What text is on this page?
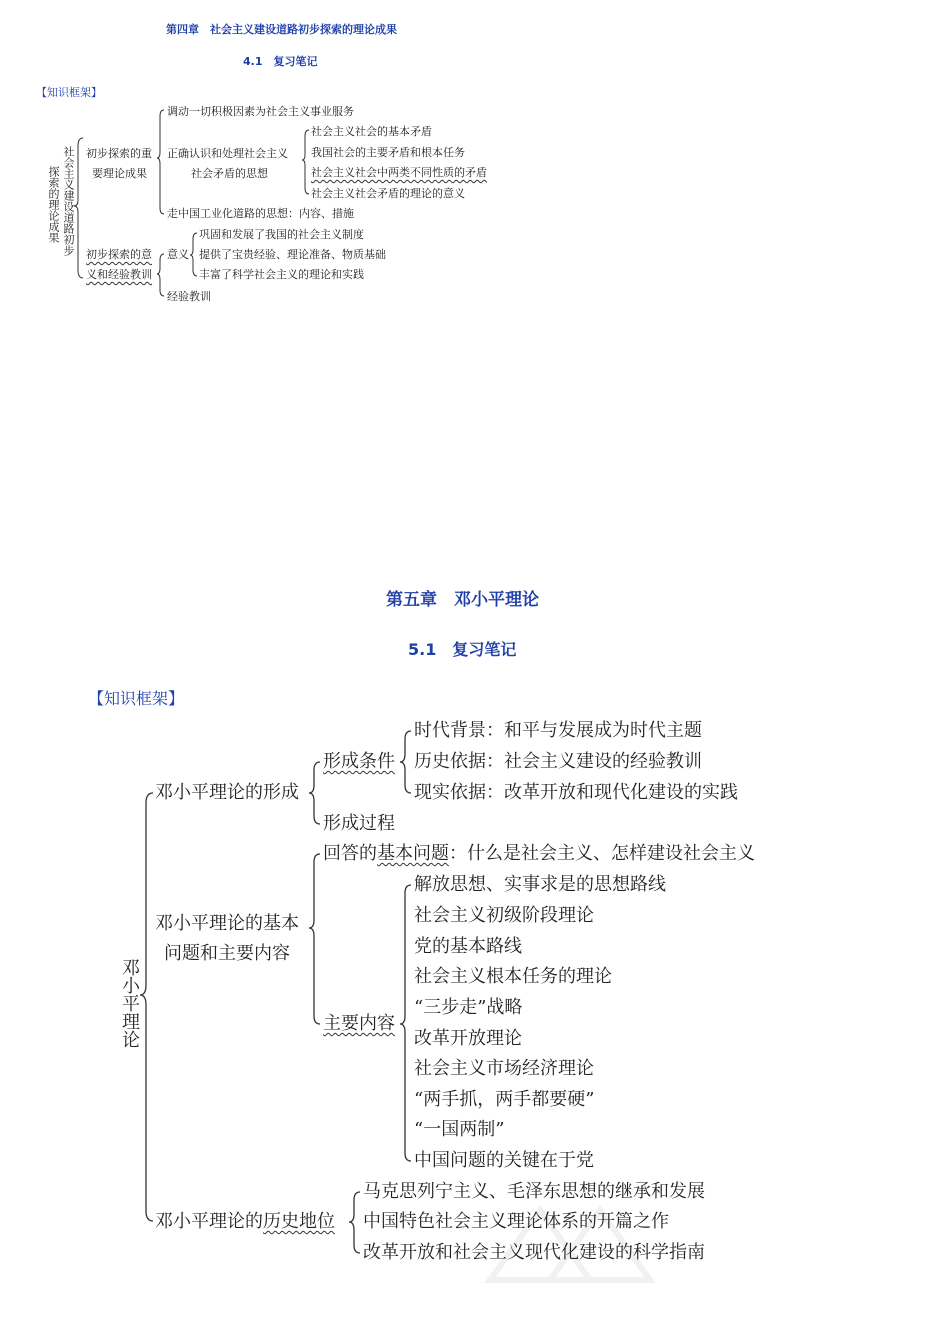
第四章　社会主义建设道路初步探索的理论成果
4.1　复习笔记
【知识框架】
社会主义建设道路初步
探索的理论成果
初步探索的重
要理论成果
调动一切积极因素为社会主义事业服务
正确认识和处理社会主义
社会矛盾的思想
社会主义社会的基本矛盾
我国社会的主要矛盾和根本任务
社会主义社会中两类不同性质的矛盾
社会主义社会矛盾的理论的意义
走中国工业化道路的思想：内容、措施
初步探索的意
义和经验教训
意义
巩固和发展了我国的社会主义制度
提供了宝贵经验、理论准备、物质基础
丰富了科学社会主义的理论和实践
经验教训
第五章　邓小平理论
5.1　复习笔记
【知识框架】
邓小平理论
邓小平理论的形成
形成条件
时代背景：和平与发展成为时代主题
历史依据：社会主义建设的经验教训
现实依据：改革开放和现代化建设的实践
形成过程
邓小平理论的基本
问题和主要内容
回答的基本问题：什么是社会主义、怎样建设社会主义
主要内容
解放思想、实事求是的思想路线
社会主义初级阶段理论
党的基本路线
社会主义根本任务的理论
“三步走”战略
改革开放理论
社会主义市场经济理论
“两手抓，两手都要硬”
“一国两制”
中国问题的关键在于党
邓小平理论的历史地位
马克思列宁主义、毛泽东思想的继承和发展
中国特色社会主义理论体系的开篇之作
改革开放和社会主义现代化建设的科学指南
